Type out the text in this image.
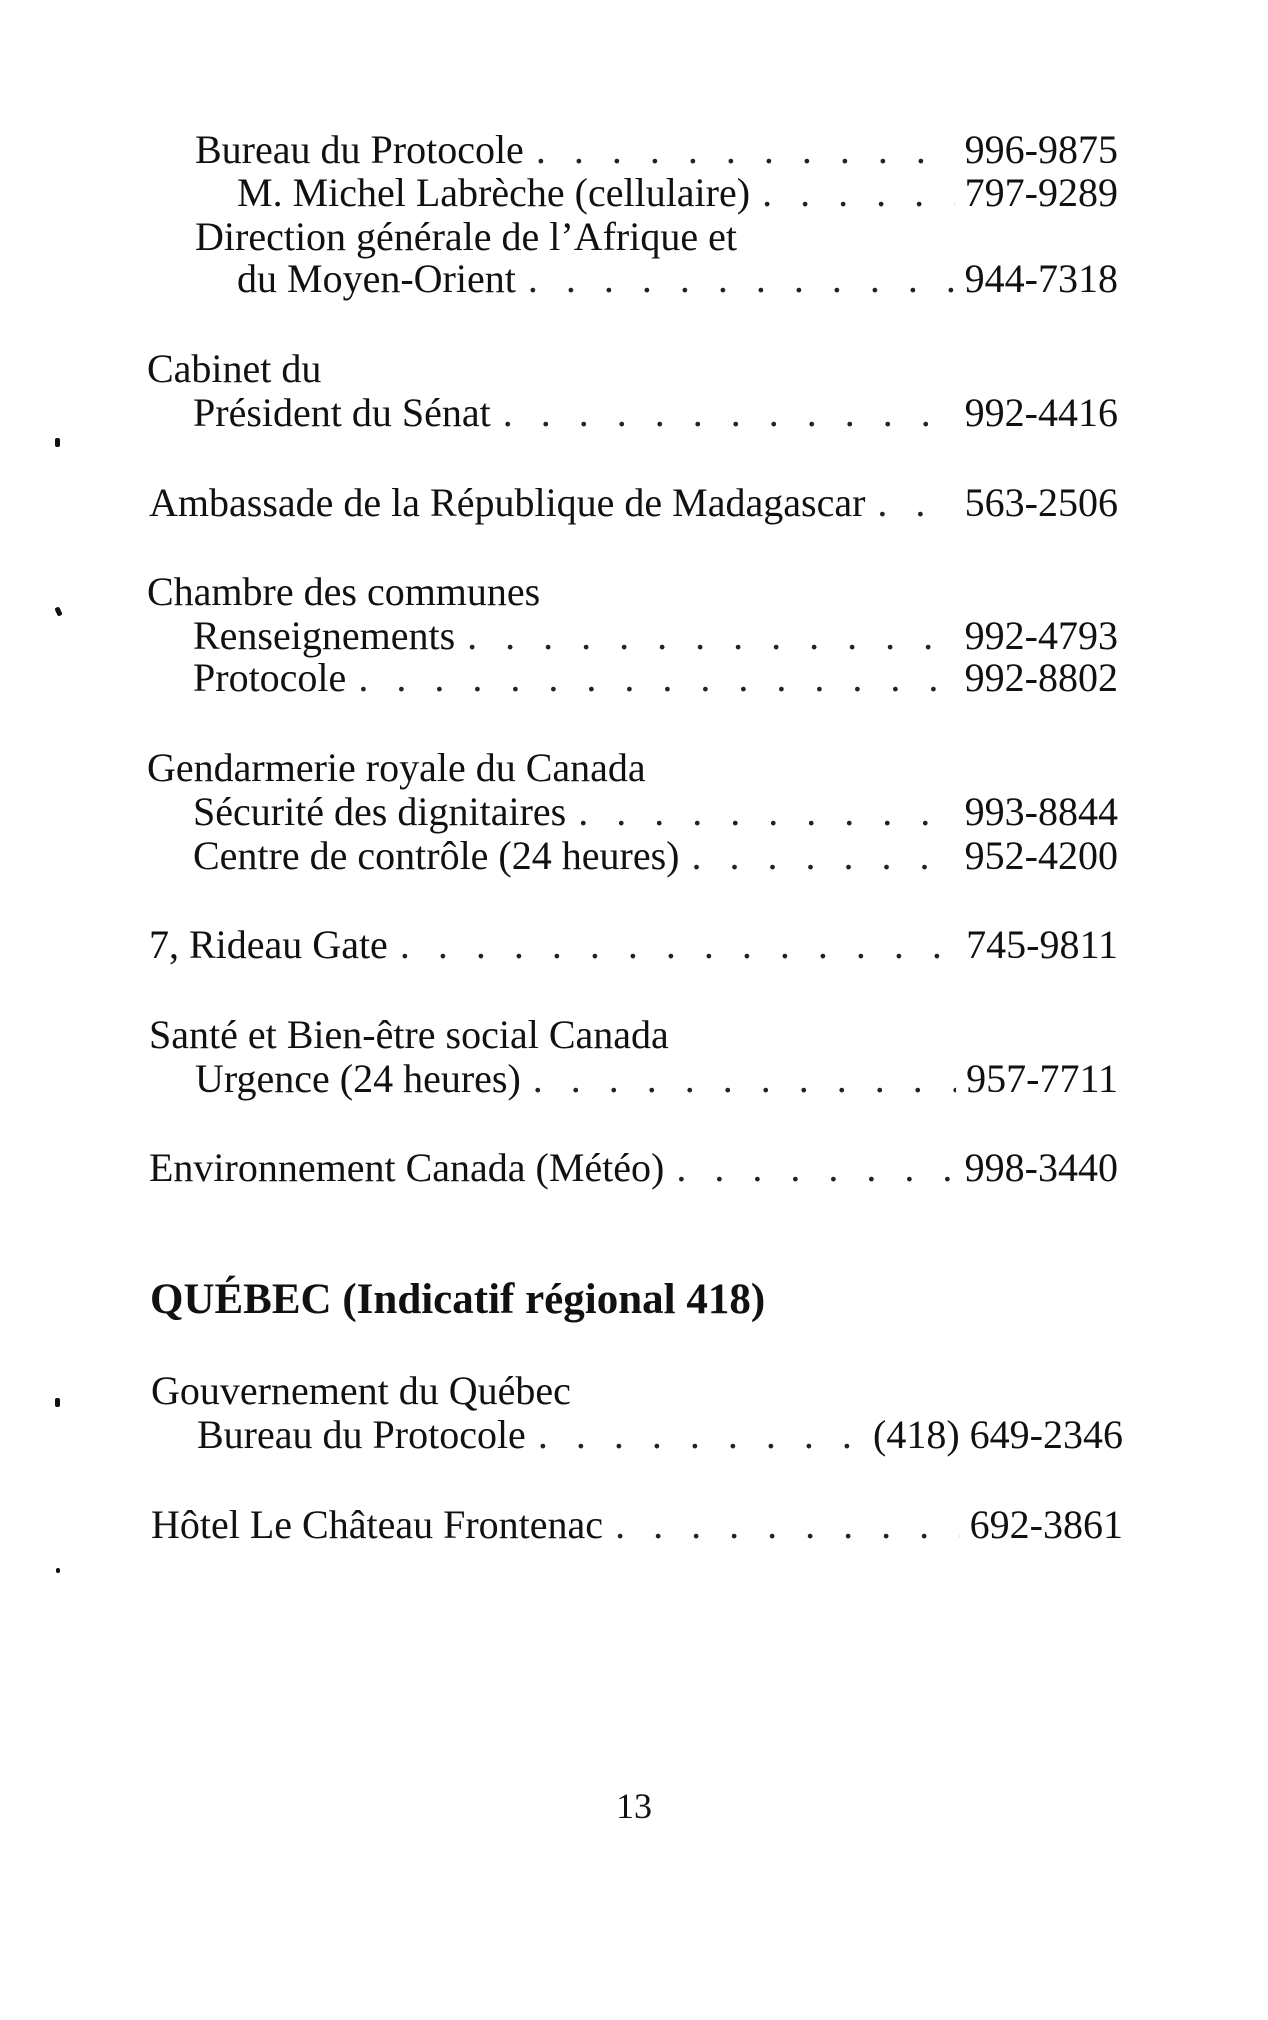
Bureau du Protocole . . .	996-9875
M. Michel Labrèche (cellulaire) . . .	797-9289
Direction générale de l’Afrique et
du Moyen-Orient . . .	944-7318
Cabinet du
Président du Sénat . . .	992-4416
Ambassade de la République de Madagascar . . . 563-2506
Chambre des communes
Renseignements . . .	992-4793
Protocole . . .	992-8802
Gendarmerie royale du Canada
Sécurité des dignitaires . . .	993-8844
Centre de contrôle (24 heures) . . .	952-4200
7, Rideau Gate . . .	745-9811
Santé et Bien-être social Canada
Urgence (24 heures) . . .	957-7711
Environnement Canada (Météo) . . .	998-3440
QUÉBEC (Indicatif régional 418)
Gouvernement du Québec
Bureau du Protocole . . .	(418) 649-2346
Hôtel Le Château Frontenac . . .	692-3861
13
